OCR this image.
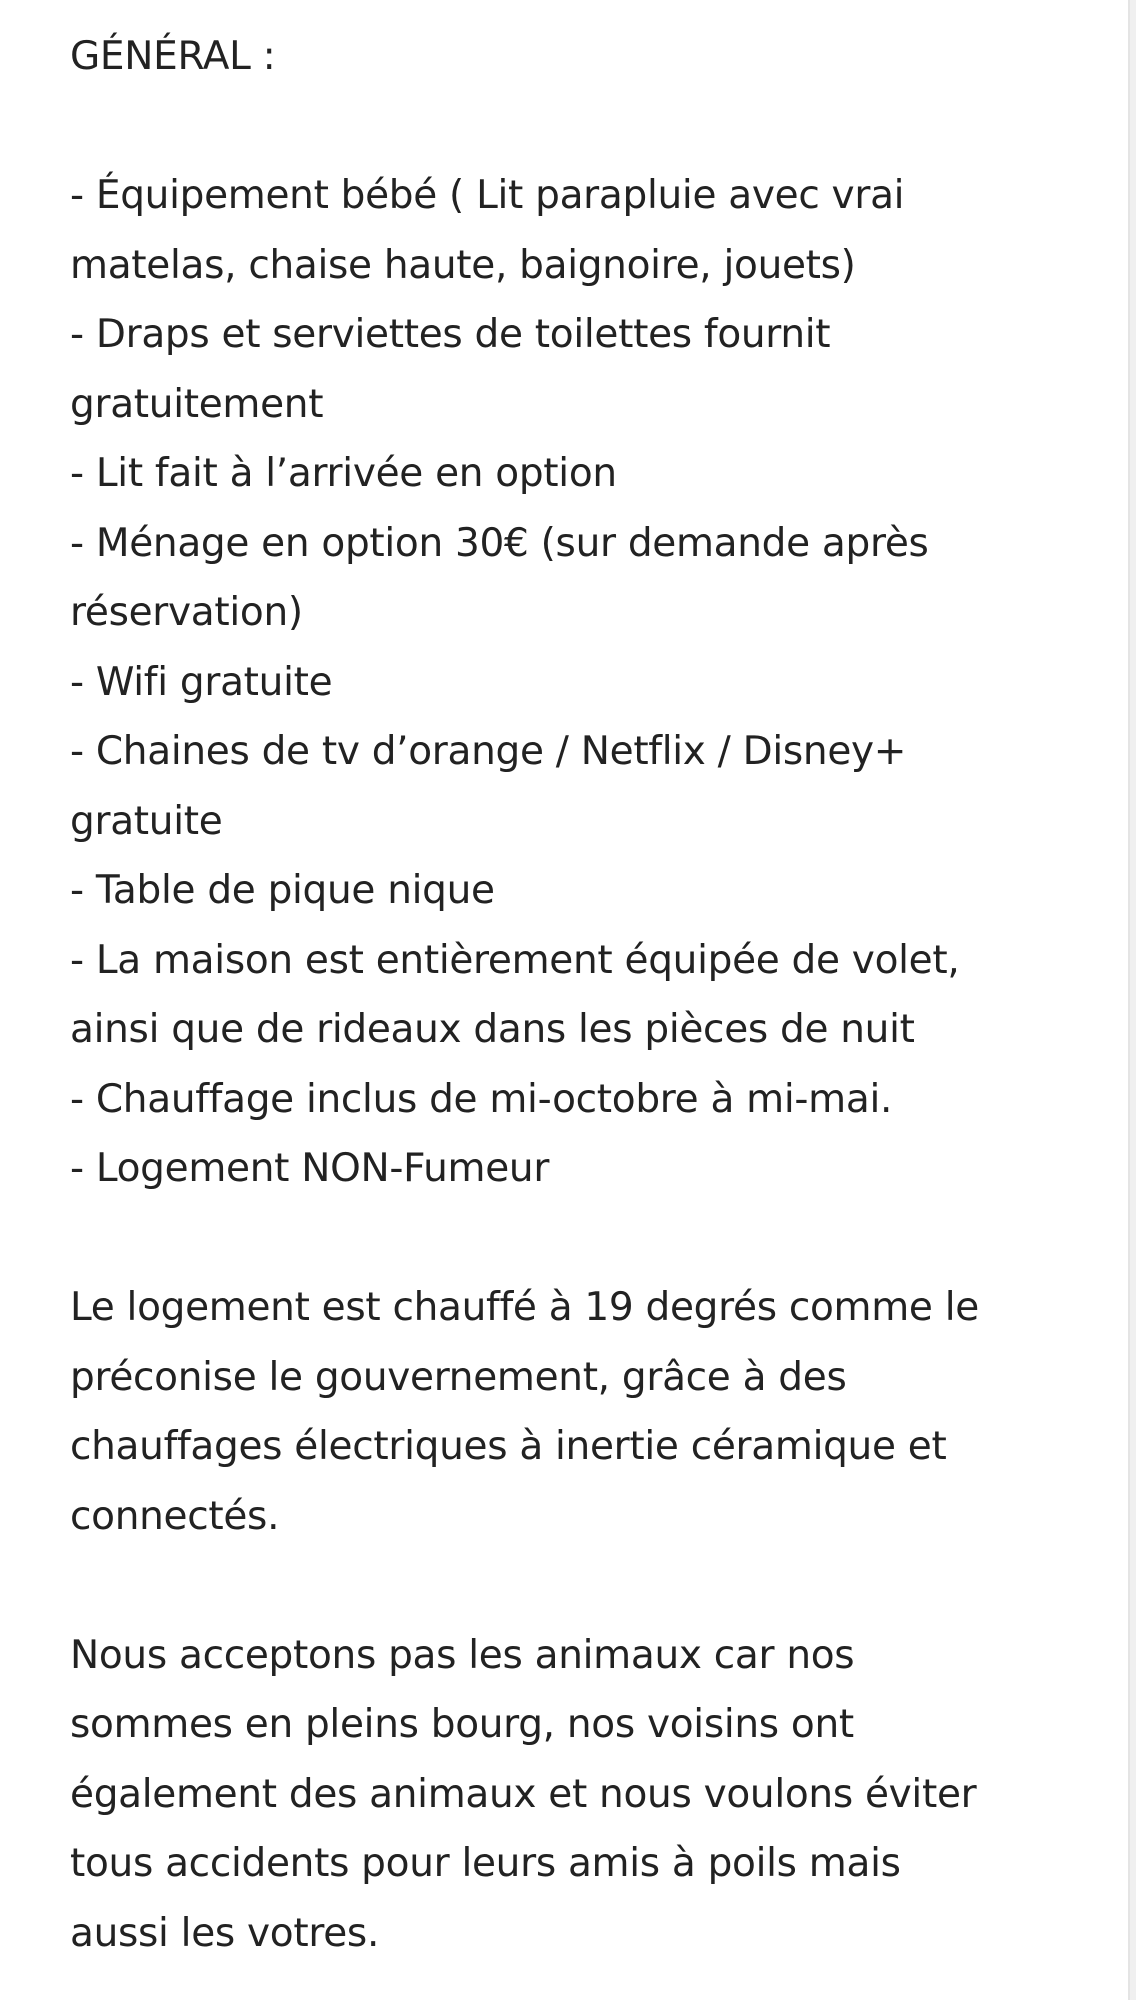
GÉNÉRAL :
- Équipement bébé ( Lit parapluie avec vrai
matelas, chaise haute, baignoire, jouets)
- Draps et serviettes de toilettes fournit
gratuitement
- Lit fait à l’arrivée en option
- Ménage en option 30€ (sur demande après
réservation)
- Wifi gratuite
- Chaines de tv d’orange / Netflix / Disney+
gratuite
- Table de pique nique
- La maison est entièrement équipée de volet,
ainsi que de rideaux dans les pièces de nuit
- Chauffage inclus de mi-octobre à mi-mai.
- Logement NON-Fumeur
Le logement est chauffé à 19 degrés comme le
préconise le gouvernement, grâce à des
chauffages électriques à inertie céramique et
connectés.
Nous acceptons pas les animaux car nos
sommes en pleins bourg, nos voisins ont
également des animaux et nous voulons éviter
tous accidents pour leurs amis à poils mais
aussi les votres.
